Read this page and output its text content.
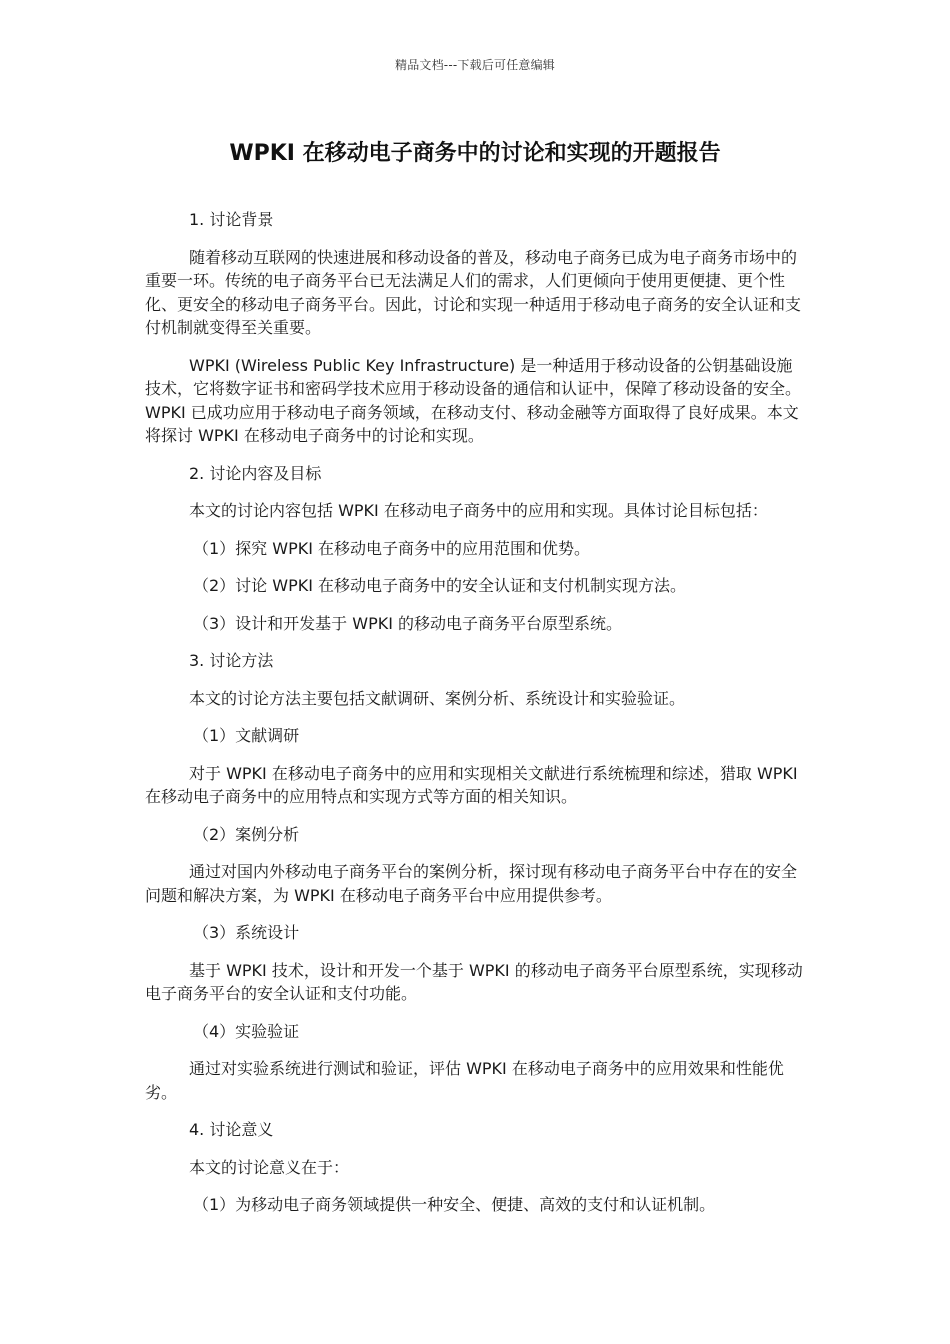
精品文档---下载后可任意编辑
WPKI 在移动电子商务中的讨论和实现的开题报告

1. 讨论背景

随着移动互联网的快速进展和移动设备的普及，移动电子商务已成为电子商务市场中的重要一环。传统的电子商务平台已无法满足人们的需求，人们更倾向于使用更便捷、更个性化、更安全的移动电子商务平台。因此，讨论和实现一种适用于移动电子商务的安全认证和支付机制就变得至关重要。

WPKI (Wireless Public Key Infrastructure) 是一种适用于移动设备的公钥基础设施技术，它将数字证书和密码学技术应用于移动设备的通信和认证中，保障了移动设备的安全。WPKI 已成功应用于移动电子商务领域，在移动支付、移动金融等方面取得了良好成果。本文将探讨 WPKI 在移动电子商务中的讨论和实现。

2. 讨论内容及目标

本文的讨论内容包括 WPKI 在移动电子商务中的应用和实现。具体讨论目标包括：

（1）探究 WPKI 在移动电子商务中的应用范围和优势。

（2）讨论 WPKI 在移动电子商务中的安全认证和支付机制实现方法。

（3）设计和开发基于 WPKI 的移动电子商务平台原型系统。

3. 讨论方法

本文的讨论方法主要包括文献调研、案例分析、系统设计和实验验证。

（1）文献调研

对于 WPKI 在移动电子商务中的应用和实现相关文献进行系统梳理和综述，猎取 WPKI 在移动电子商务中的应用特点和实现方式等方面的相关知识。

（2）案例分析

通过对国内外移动电子商务平台的案例分析，探讨现有移动电子商务平台中存在的安全问题和解决方案，为 WPKI 在移动电子商务平台中应用提供参考。

（3）系统设计

基于 WPKI 技术，设计和开发一个基于 WPKI 的移动电子商务平台原型系统，实现移动电子商务平台的安全认证和支付功能。

（4）实验验证

通过对实验系统进行测试和验证，评估 WPKI 在移动电子商务中的应用效果和性能优劣。

4. 讨论意义

本文的讨论意义在于：

（1）为移动电子商务领域提供一种安全、便捷、高效的支付和认证机制。
